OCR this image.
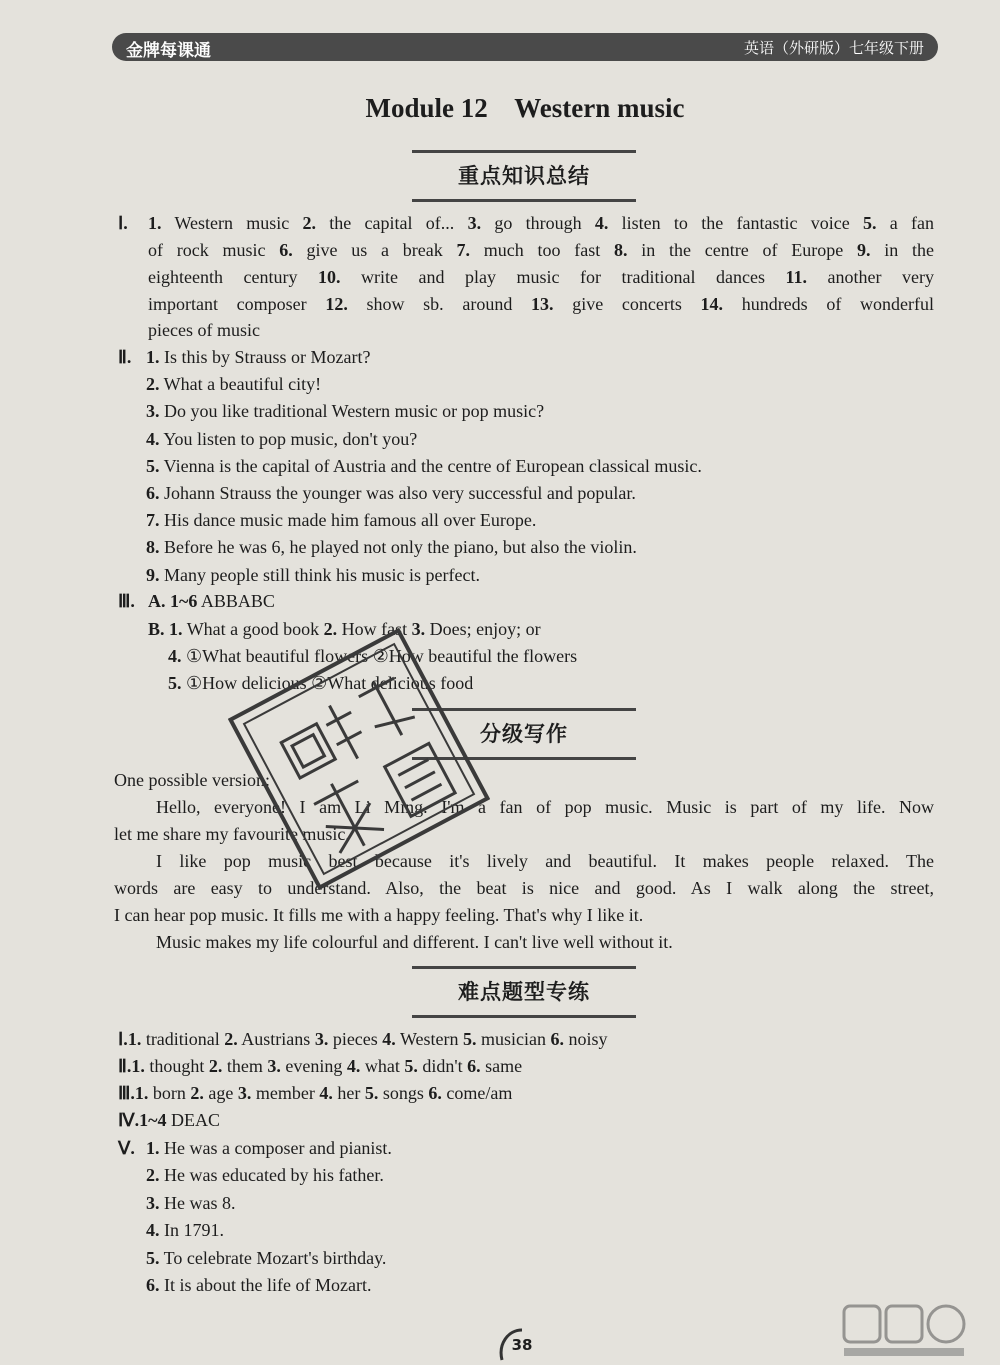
金牌每课通	英语（外研版）七年级下册
Module 12    Western music
重点知识总结
Ⅰ. 1. Western music 2. the capital of... 3. go through 4. listen to the fantastic voice 5. a fan
of rock music 6. give us a break 7. much too fast 8. in the centre of Europe 9. in the
eighteenth century 10. write and play music for traditional dances 11. another very
important composer 12. show sb. around 13. give concerts 14. hundreds of wonderful
pieces of music
Ⅱ. 1. Is this by Strauss or Mozart?
2. What a beautiful city!
3. Do you like traditional Western music or pop music?
4. You listen to pop music, don't you?
5. Vienna is the capital of Austria and the centre of European classical music.
6. Johann Strauss the younger was also very successful and popular.
7. His dance music made him famous all over Europe.
8. Before he was 6, he played not only the piano, but also the violin.
9. Many people still think his music is perfect.
Ⅲ. A. 1~6 ABBABC
B. 1. What a good book 2. How fast 3. Does; enjoy; or
4. ①What beautiful flowers ②How beautiful the flowers
5. ①How delicious ②What delicious food
分级写作
One possible version:
Hello, everyone! I am Li Ming. I'm a fan of pop music. Music is part of my life. Now
let me share my favourite music.
I like pop music best because it's lively and beautiful. It makes people relaxed. The
words are easy to understand. Also, the beat is nice and good. As I walk along the street,
I can hear pop music. It fills me with a happy feeling. That's why I like it.
Music makes my life colourful and different. I can't live well without it.
难点题型专练
Ⅰ.1. traditional 2. Austrians 3. pieces 4. Western 5. musician 6. noisy
Ⅱ.1. thought 2. them 3. evening 4. what 5. didn't 6. same
Ⅲ.1. born 2. age 3. member 4. her 5. songs 6. come/am
Ⅳ.1~4 DEAC
Ⅴ. 1. He was a composer and pianist.
2. He was educated by his father.
3. He was 8.
4. In 1791.
5. To celebrate Mozart's birthday.
6. It is about the life of Mozart.
38
